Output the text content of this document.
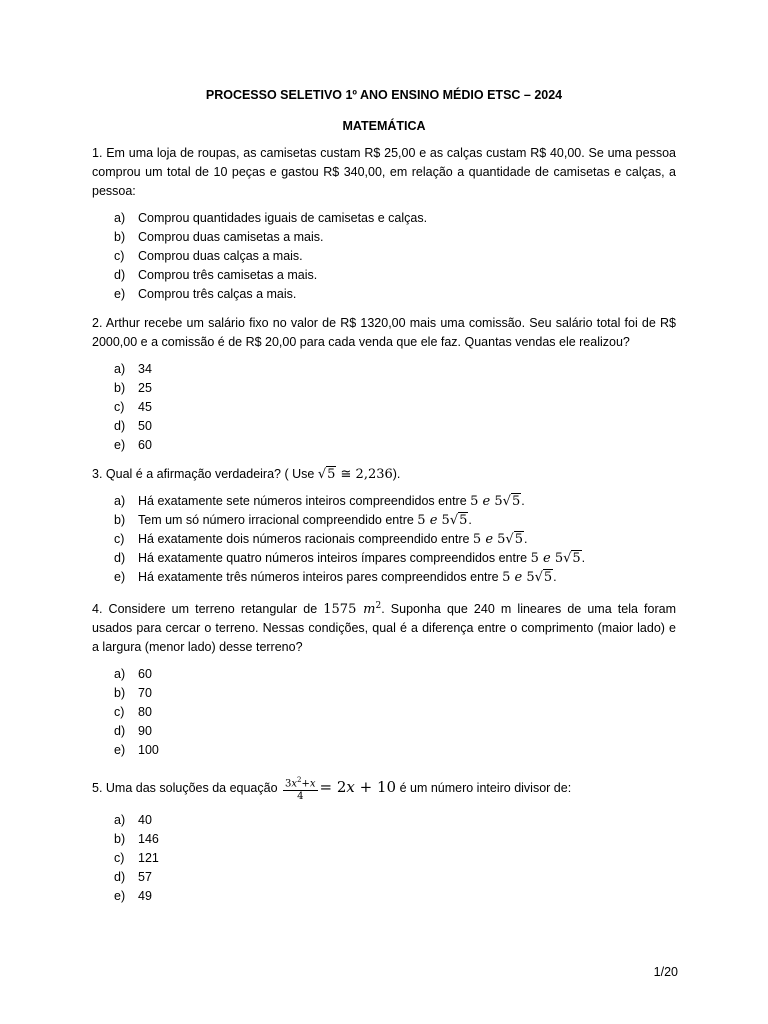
PROCESSO SELETIVO 1º ANO ENSINO MÉDIO ETSC – 2024

MATEMÁTICA

1. Em uma loja de roupas, as camisetas custam R$ 25,00 e as calças custam R$ 40,00. Se uma pessoa comprou um total de 10 peças e gastou R$ 340,00, em relação a quantidade de camisetas e calças, a pessoa:

a) Comprou quantidades iguais de camisetas e calças.
b) Comprou duas camisetas a mais.
c) Comprou duas calças a mais.
d) Comprou três camisetas a mais.
e) Comprou três calças a mais.

2. Arthur recebe um salário fixo no valor de R$ 1320,00 mais uma comissão. Seu salário total foi de R$ 2000,00 e a comissão é de R$ 20,00 para cada venda que ele faz. Quantas vendas ele realizou?

a) 34
b) 25
c) 45
d) 50
e) 60

3. Qual é a afirmação verdadeira? ( Use √5 ≅ 2,236).

a) Há exatamente sete números inteiros compreendidos entre 5 e 5√5.
b) Tem um só número irracional compreendido entre 5 e 5√5.
c) Há exatamente dois números racionais compreendido entre 5 e 5√5.
d) Há exatamente quatro números inteiros ímpares compreendidos entre 5 e 5√5.
e) Há exatamente três números inteiros pares compreendidos entre 5 e 5√5.

4. Considere um terreno retangular de 1575 $m^2$. Suponha que 240 m lineares de uma tela foram usados para cercar o terreno. Nessas condições, qual é a diferença entre o comprimento (maior lado) e a largura (menor lado) desse terreno?

a) 60
b) 70
c) 80
d) 90
e) 100

5. Uma das soluções da equação $\frac{3x^2+x}{4} = 2x + 10$ é um número inteiro divisor de:

a) 40
b) 146
c) 121
d) 57
e) 49
1/20
